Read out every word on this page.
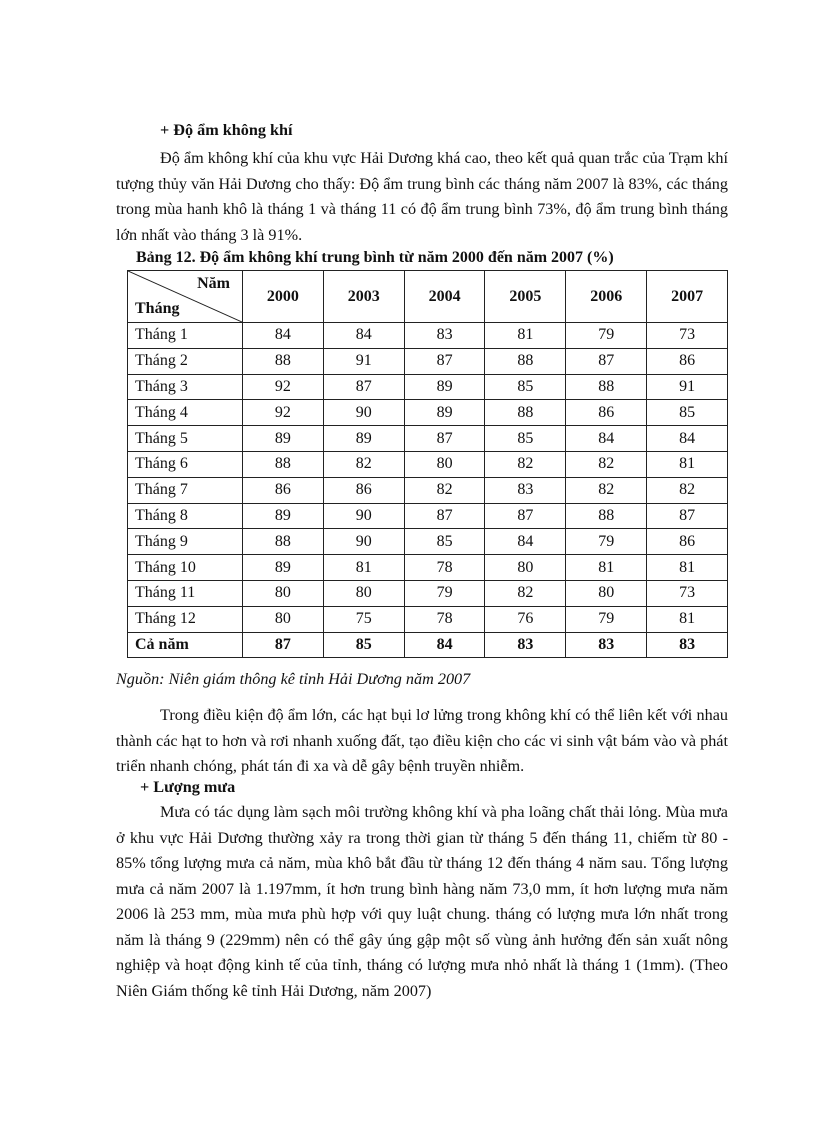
+ Độ ẩm không khí

Độ ẩm không khí của khu vực Hải Dương khá cao, theo kết quả quan trắc của Trạm khí tượng thủy văn Hải Dương cho thấy: Độ ẩm trung bình các tháng năm 2007 là 83%, các tháng trong mùa hanh khô là tháng 1 và tháng 11 có độ ẩm trung bình 73%, độ ẩm trung bình tháng lớn nhất vào tháng 3 là 91%.

Bảng 12. Độ ẩm không khí trung bình từ năm 2000 đến năm 2007 (%)
Năm
Tháng	2000	2003	2004	2005	2006	2007
Tháng 1	84	84	83	81	79	73
Tháng 2	88	91	87	88	87	86
Tháng 3	92	87	89	85	88	91
Tháng 4	92	90	89	88	86	85
Tháng 5	89	89	87	85	84	84
Tháng 6	88	82	80	82	82	81
Tháng 7	86	86	82	83	82	82
Tháng 8	89	90	87	87	88	87
Tháng 9	88	90	85	84	79	86
Tháng 10	89	81	78	80	81	81
Tháng 11	80	80	79	82	80	73
Tháng 12	80	75	78	76	79	81
Cả năm	87	85	84	83	83	83
Nguồn: Niên giám thông kê tỉnh Hải Dương năm 2007

Trong điều kiện độ ẩm lớn, các hạt bụi lơ lửng trong không khí có thể liên kết với nhau thành các hạt to hơn và rơi nhanh xuống đất, tạo điều kiện cho các vi sinh vật bám vào và phát triển nhanh chóng, phát tán đi xa và dễ gây bệnh truyền nhiễm.

+ Lượng mưa

Mưa có tác dụng làm sạch môi trường không khí và pha loãng chất thải lỏng. Mùa mưa ở khu vực Hải Dương thường xảy ra trong thời gian từ tháng 5 đến tháng 11, chiếm từ 80 - 85% tổng lượng mưa cả năm, mùa khô bắt đầu từ tháng 12 đến tháng 4 năm sau. Tổng lượng mưa cả năm 2007 là 1.197mm, ít hơn trung bình hàng năm 73,0 mm, ít hơn lượng mưa năm 2006 là 253 mm, mùa mưa phù hợp với quy luật chung. tháng có lượng mưa lớn nhất trong năm là tháng 9 (229mm) nên có thể gây úng gập một số vùng ảnh hưởng đến sản xuất nông nghiệp và hoạt động kinh tế của tỉnh, tháng có lượng mưa nhỏ nhất là tháng 1 (1mm). (Theo Niên Giám thống kê tỉnh Hải Dương, năm 2007)
